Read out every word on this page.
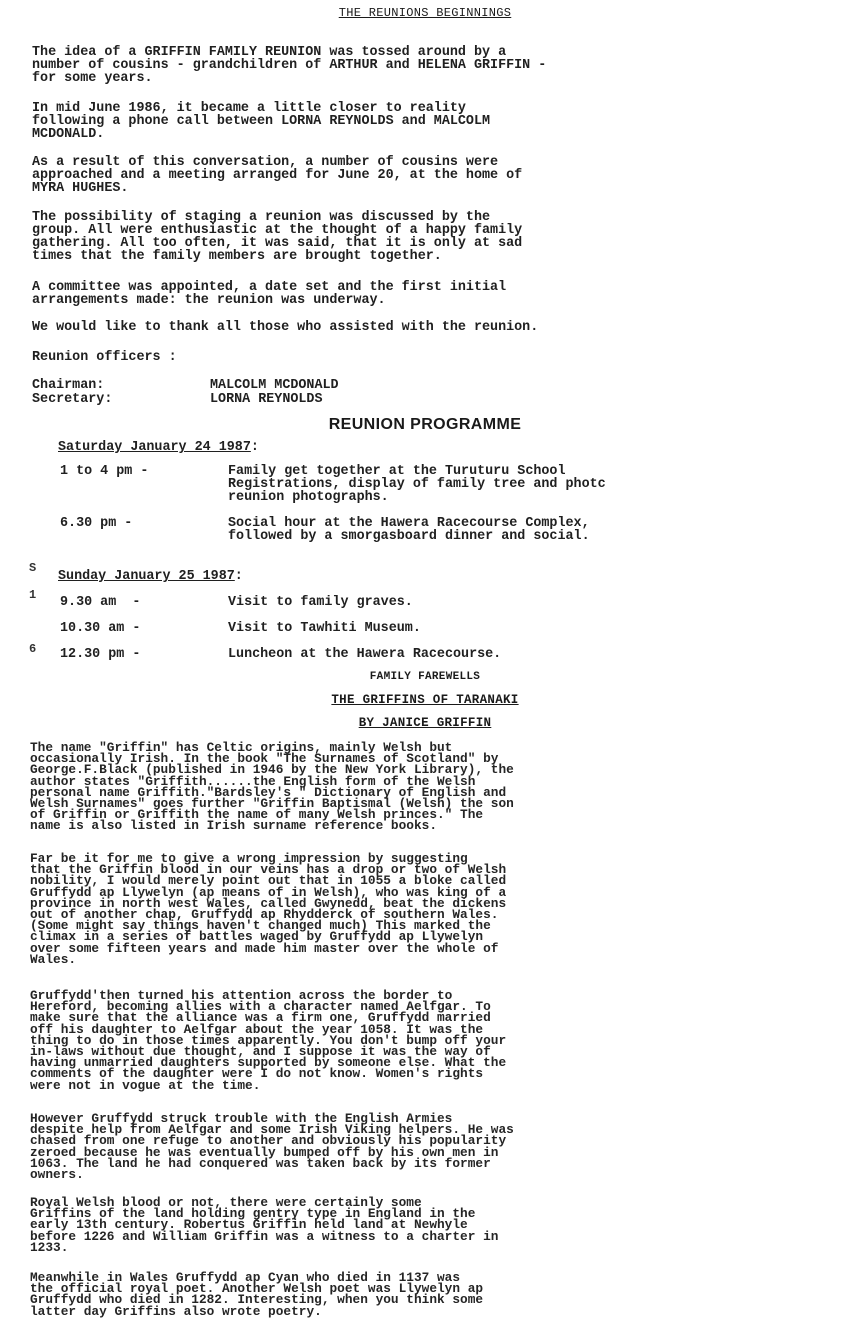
THE REUNIONS BEGINNINGS

The idea of a GRIFFIN FAMILY REUNION was tossed around by a
number of cousins - grandchildren of ARTHUR and HELENA GRIFFIN -
for some years.

In mid June 1986, it became a little closer to reality
following a phone call between LORNA REYNOLDS and MALCOLM
MCDONALD.

As a result of this conversation, a number of cousins were
approached and a meeting arranged for June 20, at the home of
MYRA HUGHES.

The possibility of staging a reunion was discussed by the
group. All were enthusiastic at the thought of a happy family
gathering. All too often, it was said, that it is only at sad
times that the family members are brought together.

A committee was appointed, a date set and the first initial
arrangements made: the reunion was underway.

We would like to thank all those who assisted with the reunion.

Reunion officers :
Chairman:	MALCOLM MCDONALD
Secretary:	LORNA REYNOLDS
REUNION PROGRAMME
Saturday January 24 1987:
1 to 4 pm -	Family get together at the Turuturu School
Registrations, display of family tree and photc
reunion photographs.
6.30 pm -	Social hour at the Hawera Racecourse Complex,
followed by a smorgasboard dinner and social.
S
1
6
Sunday January 25 1987:
9.30 am  -	Visit to family graves.
10.30 am -	Visit to Tawhiti Museum.
12.30 pm -	Luncheon at the Hawera Racecourse.
FAMILY FAREWELLS
THE GRIFFINS OF TARANAKI
BY JANICE GRIFFIN

The name "Griffin" has Celtic origins, mainly Welsh but
occasionally Irish. In the book "The Surnames of Scotland" by
George.F.Black (published in 1946 by the New York Library), the
author states "Griffith......the English form of the Welsh
personal name Griffith."Bardsley's " Dictionary of English and
Welsh Surnames" goes further "Griffin Baptismal (Welsh) the son
of Griffin or Griffith the name of many Welsh princes." The
name is also listed in Irish surname reference books.

Far be it for me to give a wrong impression by suggesting
that the Griffin blood in our veins has a drop or two of Welsh
nobility, I would merely point out that in 1055 a bloke called
Gruffydd ap Llywelyn (ap means of in Welsh), who was king of a
province in north west Wales, called Gwynedd, beat the dickens
out of another chap, Gruffydd ap Rhydderck of southern Wales.
(Some might say things haven't changed much) This marked the
climax in a series of battles waged by Gruffydd ap Llywelyn
over some fifteen years and made him master over the whole of
Wales.

Gruffydd'then turned his attention across the border to
Hereford, becoming allies with a character named Aelfgar. To
make sure that the alliance was a firm one, Gruffydd married
off his daughter to Aelfgar about the year 1058. It was the
thing to do in those times apparently. You don't bump off your
in-laws without due thought, and I suppose it was the way of
having unmarried daughters supported by someone else. What the
comments of the daughter were I do not know. Women's rights
were not in vogue at the time.

However Gruffydd struck trouble with the English Armies
despite help from Aelfgar and some Irish Viking helpers. He was
chased from one refuge to another and obviously his popularity
zeroed because he was eventually bumped off by his own men in
1063. The land he had conquered was taken back by its former
owners.

Royal Welsh blood or not, there were certainly some
Griffins of the land holding gentry type in England in the
early 13th century. Robertus Griffin held land at Newhyle
before 1226 and William Griffin was a witness to a charter in
1233.

Meanwhile in Wales Gruffydd ap Cyan who died in 1137 was
the official royal poet. Another Welsh poet was Llywelyn ap
Gruffydd who died in 1282. Interesting, when you think some
latter day Griffins also wrote poetry.
